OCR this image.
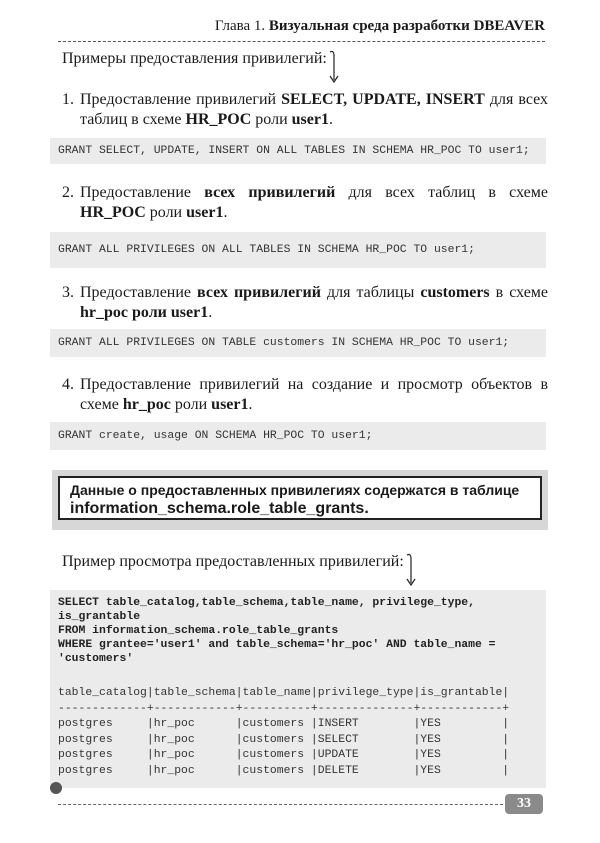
Глава 1. Визуальная среда разработки DBEAVER
Примеры предоставления привилегий:
1. Предоставление привилегий SELECT, UPDATE, INSERT для всех таблиц в схеме HR_POC роли user1.
GRANT SELECT, UPDATE, INSERT ON ALL TABLES IN SCHEMA HR_POC TO user1;
2. Предоставление всех привилегий для всех таблиц в схеме HR_POC роли user1.
GRANT ALL PRIVILEGES ON ALL TABLES IN SCHEMA HR_POC TO user1;
3. Предоставление всех привилегий для таблицы customers в схеме hr_poc роли user1.
GRANT ALL PRIVILEGES ON TABLE customers IN SCHEMA HR_POC TO user1;
4. Предоставление привилегий на создание и просмотр объектов в схеме hr_poc роли user1.
GRANT create, usage ON SCHEMA HR_POC TO user1;
Данные о предоставленных привилегиях содержатся в таблице information_schema.role_table_grants.
Пример просмотра предоставленных привилегий:
SELECT table_catalog,table_schema,table_name, privilege_type,
is_grantable
FROM information_schema.role_table_grants
WHERE grantee='user1' and table_schema='hr_poc' AND table_name =
'customers'
table_catalog|table_schema|table_name|privilege_type|is_grantable|
-------------+------------+----------+--------------+------------+
postgres     |hr_poc      |customers |INSERT        |YES         |
postgres     |hr_poc      |customers |SELECT        |YES         |
postgres     |hr_poc      |customers |UPDATE        |YES         |
postgres     |hr_poc      |customers |DELETE        |YES         |
33
